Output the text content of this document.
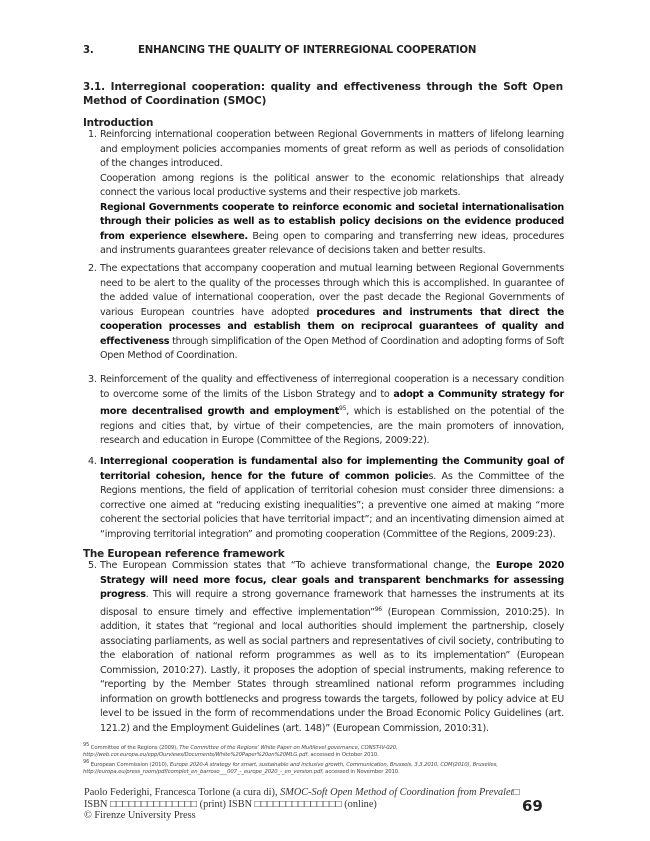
3.	ENHANCING THE QUALITY OF INTERREGIONAL COOPERATION
3.1. Interregional cooperation: quality and effectiveness through the Soft Open Method of Coordination (SMOC)
Introduction
1. Reinforcing international cooperation between Regional Governments in matters of lifelong learning and employment policies accompanies moments of great reform as well as periods of consolidation of the changes introduced.

Cooperation among regions is the political answer to the economic relationships that already connect the various local productive systems and their respective job markets.

Regional Governments cooperate to reinforce economic and societal internationalisation through their policies as well as to establish policy decisions on the evidence produced from experience elsewhere. Being open to comparing and transferring new ideas, procedures and instruments guarantees greater relevance of decisions taken and better results.

2. The expectations that accompany cooperation and mutual learning between Regional Governments need to be alert to the quality of the processes through which this is accomplished. In guarantee of the added value of international cooperation, over the past decade the Regional Governments of various European countries have adopted procedures and instruments that direct the cooperation processes and establish them on reciprocal guarantees of quality and effectiveness through simplification of the Open Method of Coordination and adopting forms of Soft Open Method of Coordination.

3. Reinforcement of the quality and effectiveness of interregional cooperation is a necessary condition to overcome some of the limits of the Lisbon Strategy and to adopt a Community strategy for more decentralised growth and employment$^{95}$, which is established on the potential of the regions and cities that, by virtue of their competencies, are the main promoters of innovation, research and education in Europe (Committee of the Regions, 2009:22).

4. Interregional cooperation is fundamental also for implementing the Community goal of territorial cohesion, hence for the future of common policies. As the Committee of the Regions mentions, the field of application of territorial cohesion must consider three dimensions: a corrective one aimed at “reducing existing inequalities”; a preventive one aimed at making “more coherent the sectorial policies that have territorial impact”; and an incentivating dimension aimed at “improving territorial integration” and promoting cooperation (Committee of the Regions, 2009:23).

The European reference framework
5. The European Commission states that “To achieve transformational change, the Europe 2020 Strategy will need more focus, clear goals and transparent benchmarks for assessing progress. This will require a strong governance framework that harnesses the instruments at its disposal to ensure timely and effective implementation”$^{96}$ (European Commission, 2010:25). In addition, it states that “regional and local authorities should implement the partnership, closely associating parliaments, as well as social partners and representatives of civil society, contributing to the elaboration of national reform programmes as well as to its implementation” (European Commission, 2010:27). Lastly, it proposes the adoption of special instruments, making reference to “reporting by the Member States through streamlined national reform programmes including information on growth bottlenecks and progress towards the targets, followed by policy advice at EU level to be issued in the form of recommendations under the Broad Economic Policy Guidelines (art. 121.2) and the Employment Guidelines (art. 148)” (European Commission, 2010:31).

$^{95}$ Committee of the Regions (2009), The Committee of the Regions’ White Paper on Multilevel governance, CONST-IV-020, http://web.cor.europa.eu/epp/Ourviews/Documents/White%20Paper%20on%20MLG.pdf, accessed in October 2010.
$^{96}$ European Commission (2010), Europe 2020-A strategy for smart, sustainable and inclusive growth, Communication, Brussels, 3.3.2010, COM(2010), Bruxelles, http://europa.eu/press_room/pdf/complet_en_barroso___007_-_europe_2020_-_en_version.pdf, accessed in November 2010.
Paolo Federighi, Francesca Torlone (a cura di), SMOC-Soft Open Method of Coordination from Prevalet□
ISBN □□□□□□□□□□□□□□ (print) ISBN □□□□□□□□□□□□□□ (online)
© Firenze University Press
69
